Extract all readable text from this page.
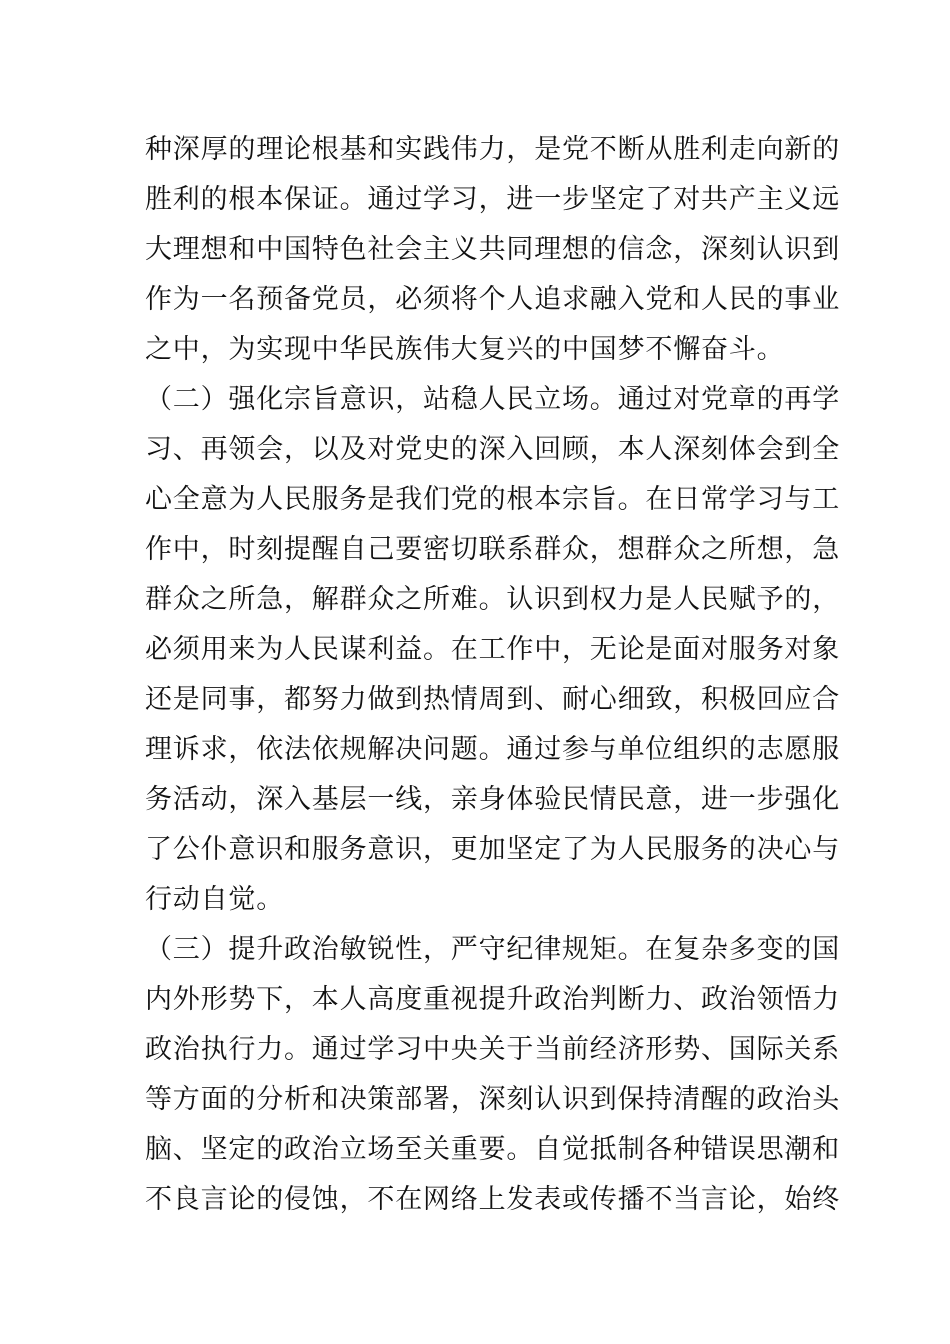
种深厚的理论根基和实践伟力，是党不断从胜利走向新的
胜利的根本保证。通过学习，进一步坚定了对共产主义远
大理想和中国特色社会主义共同理想的信念，深刻认识到
作为一名预备党员，必须将个人追求融入党和人民的事业
之中，为实现中华民族伟大复兴的中国梦不懈奋斗。
（二）强化宗旨意识，站稳人民立场。通过对党章的再学
习、再领会，以及对党史的深入回顾，本人深刻体会到全
心全意为人民服务是我们党的根本宗旨。在日常学习与工
作中，时刻提醒自己要密切联系群众，想群众之所想，急
群众之所急，解群众之所难。认识到权力是人民赋予的，
必须用来为人民谋利益。在工作中，无论是面对服务对象
还是同事，都努力做到热情周到、耐心细致，积极回应合
理诉求，依法依规解决问题。通过参与单位组织的志愿服
务活动，深入基层一线，亲身体验民情民意，进一步强化
了公仆意识和服务意识，更加坚定了为人民服务的决心与
行动自觉。
（三）提升政治敏锐性，严守纪律规矩。在复杂多变的国
内外形势下，本人高度重视提升政治判断力、政治领悟力
政治执行力。通过学习中央关于当前经济形势、国际关系
等方面的分析和决策部署，深刻认识到保持清醒的政治头
脑、坚定的政治立场至关重要。自觉抵制各种错误思潮和
不良言论的侵蚀，不在网络上发表或传播不当言论，始终
